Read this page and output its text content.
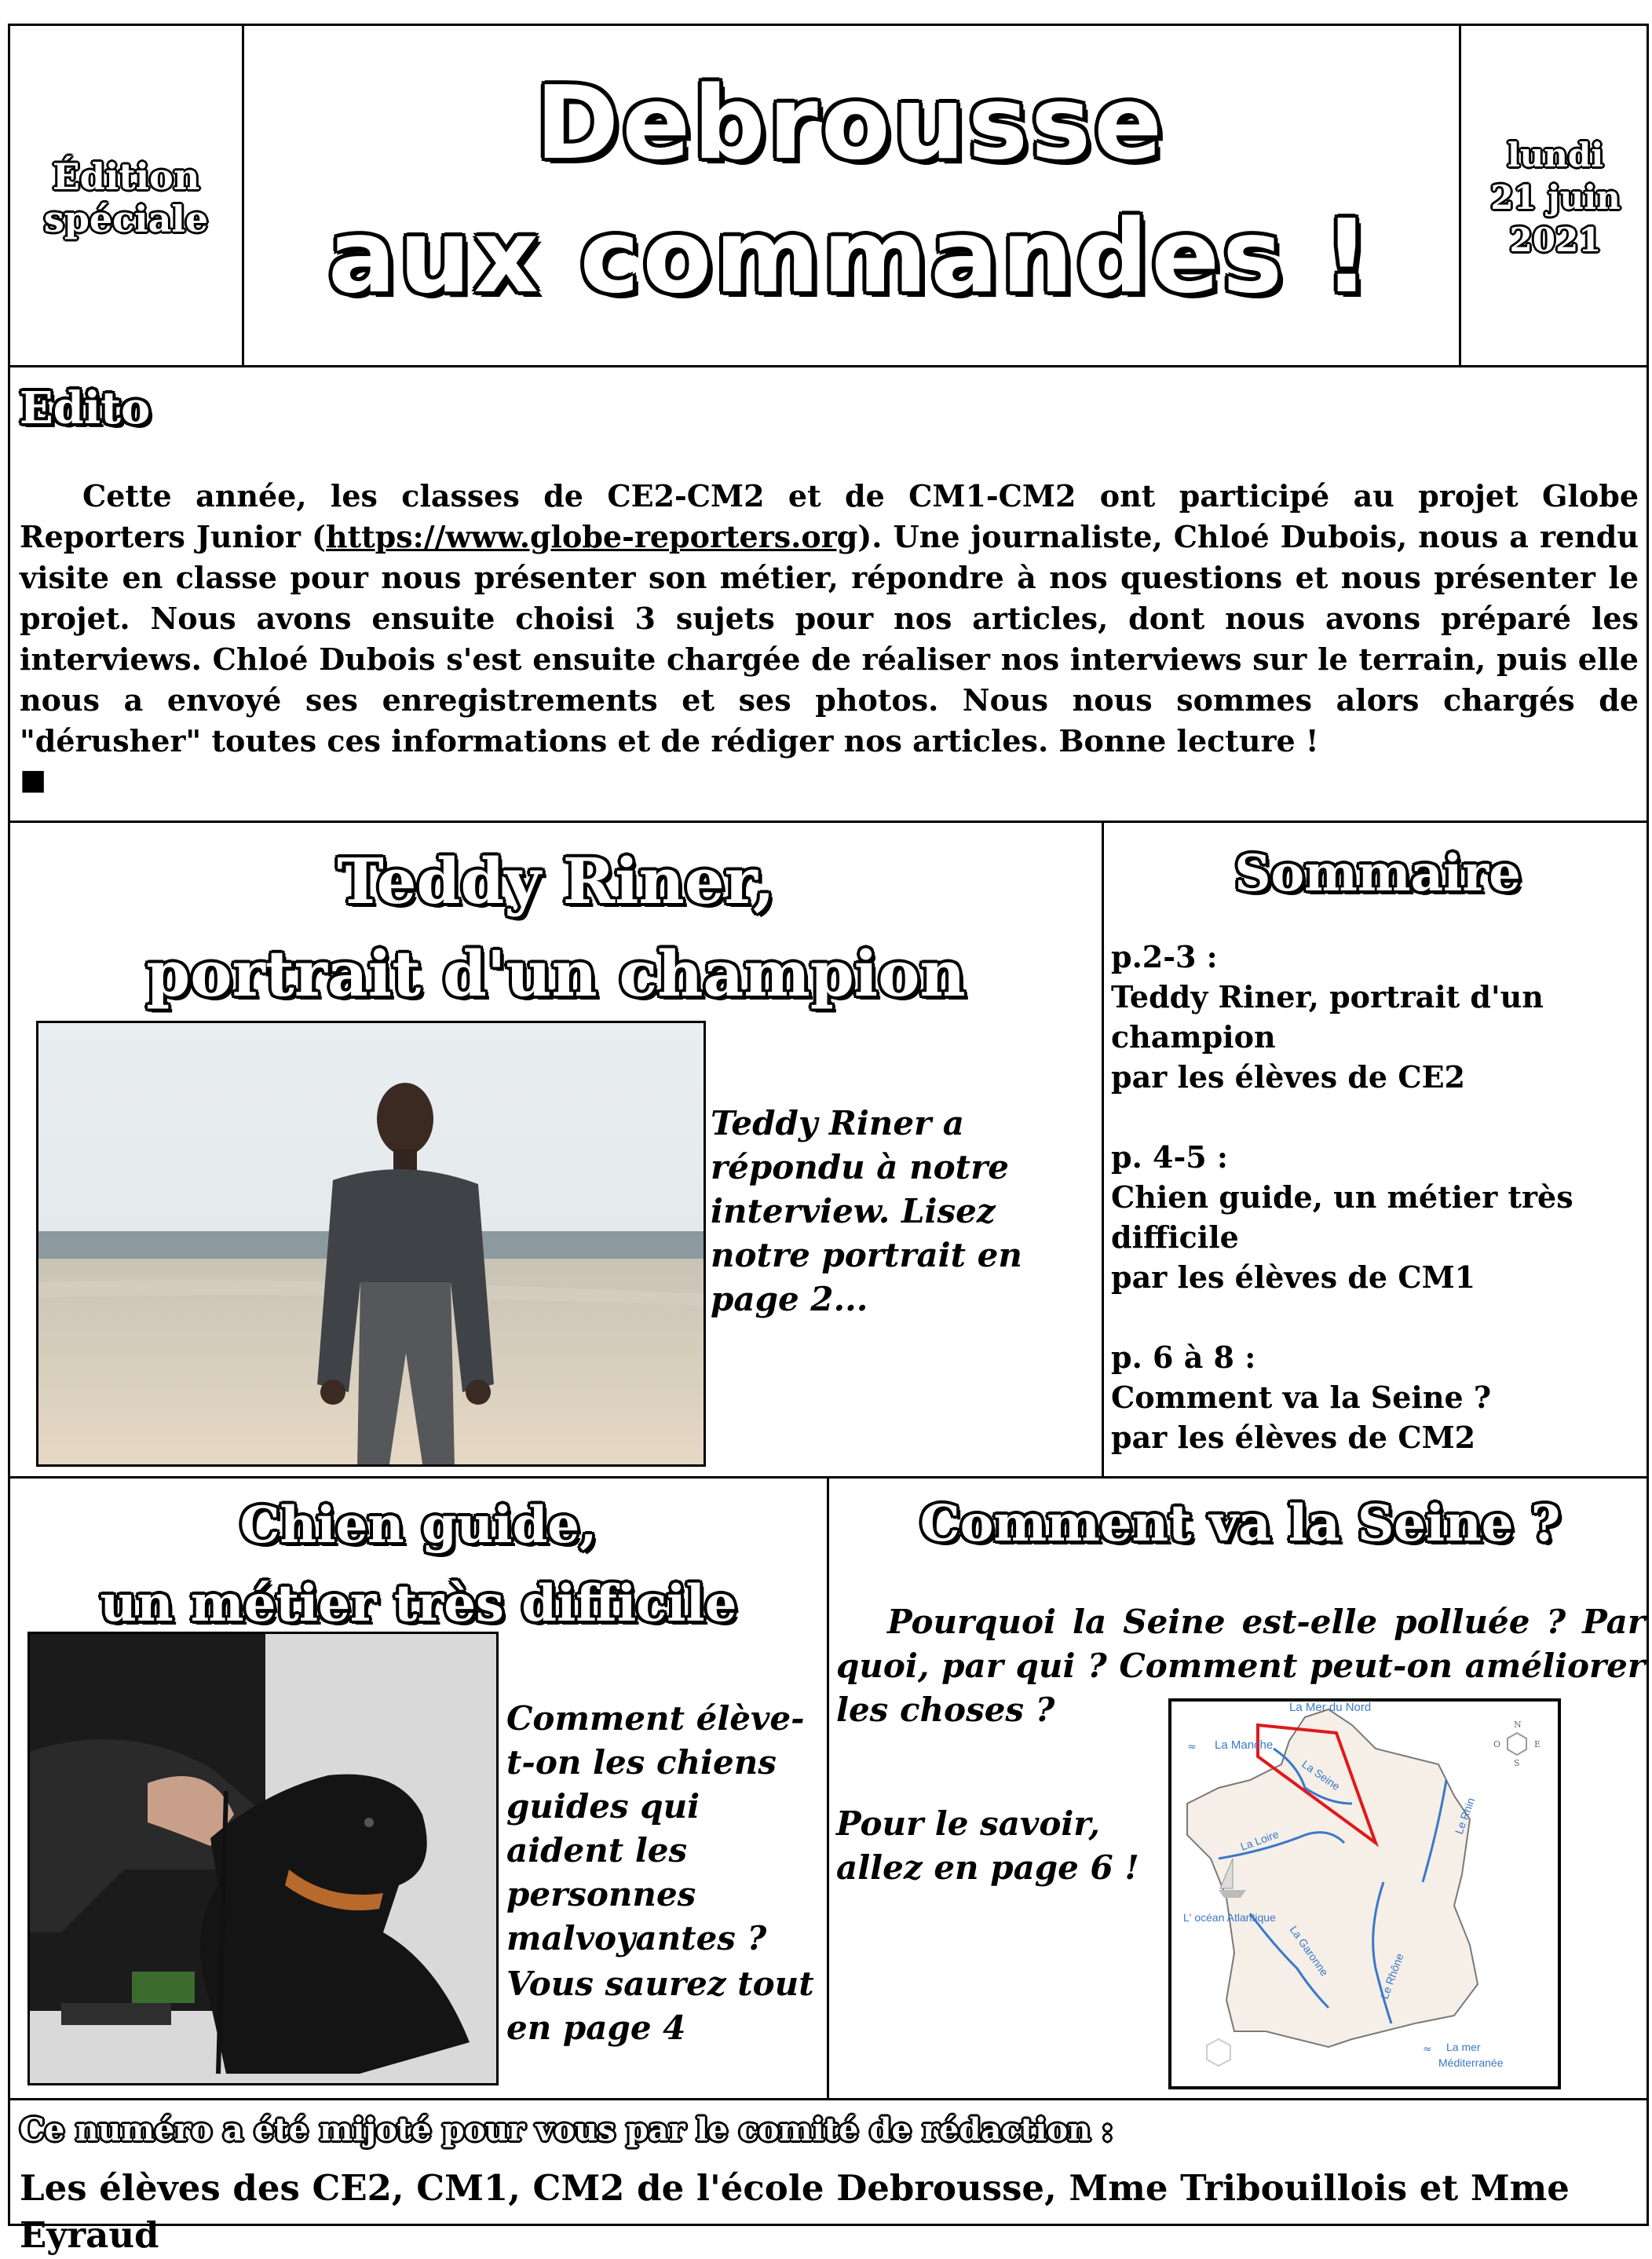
Édition spéciale
Debrousse
aux commandes !
lundi
21 juin
2021
Edito
Cette année, les classes de CE2-CM2 et de CM1-CM2 ont participé au projet Globe Reporters Junior (https://www.globe-reporters.org). Une journaliste, Chloé Dubois, nous a rendu visite en classe pour nous présenter son métier, répondre à nos questions et nous présenter le projet. Nous avons ensuite choisi 3 sujets pour nos articles, dont nous avons préparé les interviews. Chloé Dubois s'est ensuite chargée de réaliser nos interviews sur le terrain, puis elle nous a envoyé ses enregistrements et ses photos. Nous nous sommes alors chargés de "dérusher" toutes ces informations et de rédiger nos articles. Bonne lecture !
■
Teddy Riner,
portrait d'un champion
Teddy Riner a répondu à notre interview. Lisez notre portrait en page 2...
Sommaire
p.2-3 :
Teddy Riner, portrait d'un champion
par les élèves de CE2
p. 4-5 :
Chien guide, un métier très difficile
par les élèves de CM1
p. 6 à 8 :
Comment va la Seine ?
par les élèves de CM2
Chien guide,
un métier très difficile
Comment élève-t-on les chiens guides qui aident les personnes malvoyantes ?
Vous saurez tout en page 4
Comment va la Seine ?
Pourquoi la Seine est-elle polluée ? Par quoi, par qui ? Comment peut-on améliorer les choses ?
Pour le savoir, allez en page 6 !
La Mer du Nord
La Manche
La Seine
La Loire
Le Rhin
L' océan Atlantique
La Garonne	Le Rhône
La mer
Méditerranée
N
S
E
O
≈
≈
Ce numéro a été mijoté pour vous par le comité de rédaction :
Les élèves des CE2, CM1, CM2 de l'école Debrousse, Mme Tribouillois et Mme Eyraud
